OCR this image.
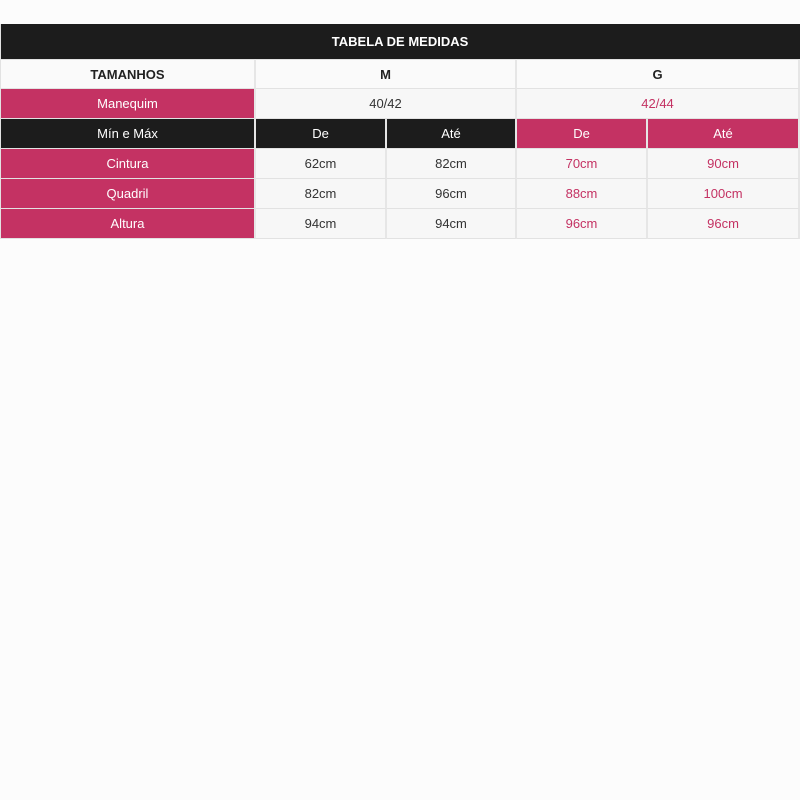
TABELA DE MEDIDAS				
TAMANHOS	M		G	
Manequim	40/42		42/44	
Mín e Máx	De	Até	De	Até
Cintura	62cm	82cm	70cm	90cm
Quadril	82cm	96cm	88cm	100cm
Altura	94cm	94cm	96cm	96cm
